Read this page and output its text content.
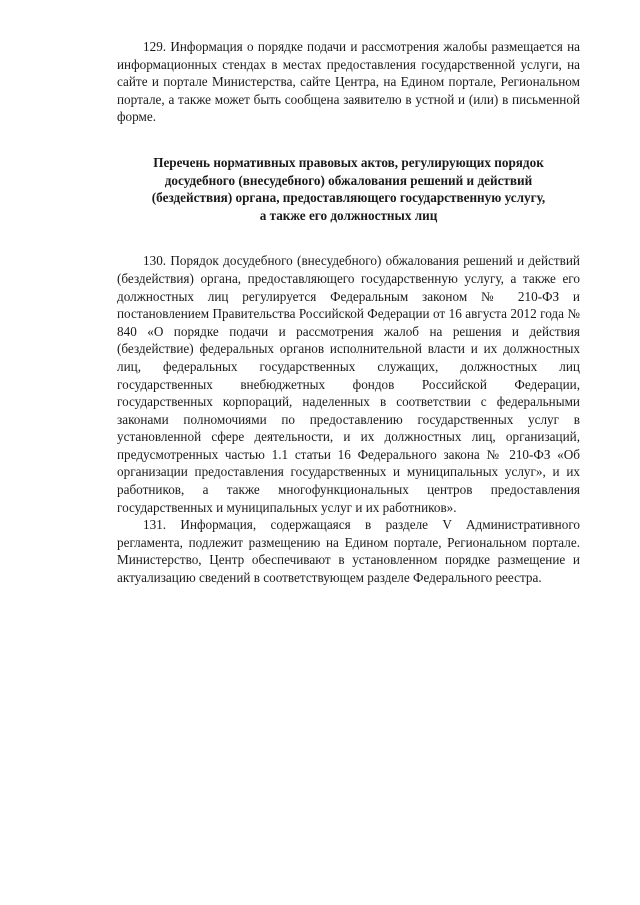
129. Информация о порядке подачи и рассмотрения жалобы размещается на информационных стендах в местах предоставления государственной услуги, на сайте и портале Министерства, сайте Центра, на Едином портале, Региональном портале, а также может быть сообщена заявителю в устной и (или) в письменной форме.

Перечень нормативных правовых актов, регулирующих порядок
досудебного (внесудебного) обжалования решений и действий
(бездействия) органа, предоставляющего государственную услугу,
а также его должностных лиц

130. Порядок досудебного (внесудебного) обжалования решений и действий (бездействия) органа, предоставляющего государственную услугу, а также его должностных лиц регулируется Федеральным законом № 210-ФЗ и постановлением Правительства Российской Федерации от 16 августа 2012 года № 840 «О порядке подачи и рассмотрения жалоб на решения и действия (бездействие) федеральных органов исполнительной власти и их должностных лиц, федеральных государственных служащих, должностных лиц государственных внебюджетных фондов Российской Федерации, государственных корпораций, наделенных в соответствии с федеральными законами полномочиями по предоставлению государственных услуг в установленной сфере деятельности, и их должностных лиц, организаций, предусмотренных частью 1.1 статьи 16 Федерального закона № 210-ФЗ «Об организации предоставления государственных и муниципальных услуг», и их работников, а также многофункциональных центров предоставления государственных и муниципальных услуг и их работников».

131. Информация, содержащаяся в разделе V Административного регламента, подлежит размещению на Едином портале, Региональном портале. Министерство, Центр обеспечивают в установленном порядке размещение и актуализацию сведений в соответствующем разделе Федерального реестра.
